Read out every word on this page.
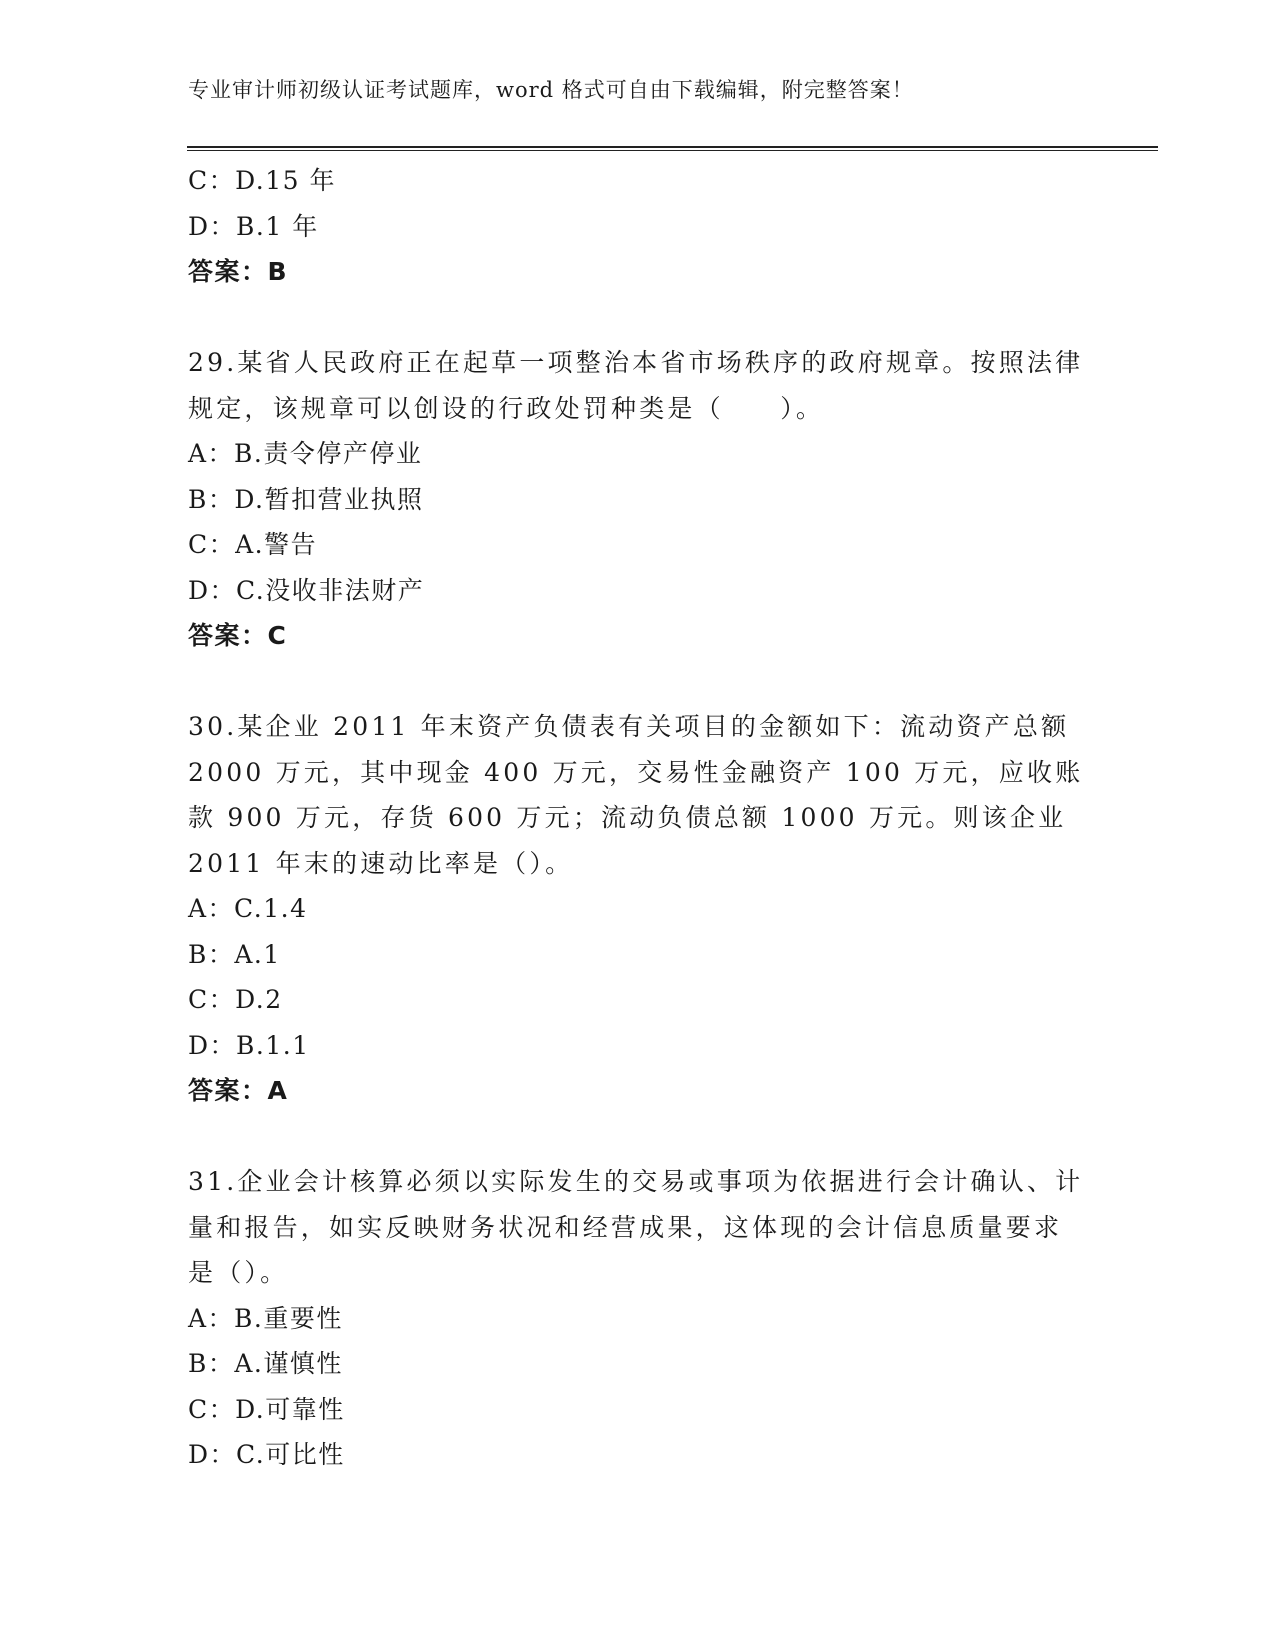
专业审计师初级认证考试题库，word 格式可自由下载编辑，附完整答案！
C：D.15 年
D：B.1 年
答案：B
29.某省人民政府正在起草一项整治本省市场秩序的政府规章。按照法律规定，该规章可以创设的行政处罚种类是（　　）。
A：B.责令停产停业
B：D.暂扣营业执照
C：A.警告
D：C.没收非法财产
答案：C
30.某企业 2011 年末资产负债表有关项目的金额如下：流动资产总额 2000 万元，其中现金 400 万元，交易性金融资产 100 万元，应收账款 900 万元，存货 600 万元；流动负债总额 1000 万元。则该企业 2011 年末的速动比率是（）。
A：C.1.4
B：A.1
C：D.2
D：B.1.1
答案：A
31.企业会计核算必须以实际发生的交易或事项为依据进行会计确认、计量和报告，如实反映财务状况和经营成果，这体现的会计信息质量要求是（）。
A：B.重要性
B：A.谨慎性
C：D.可靠性
D：C.可比性
